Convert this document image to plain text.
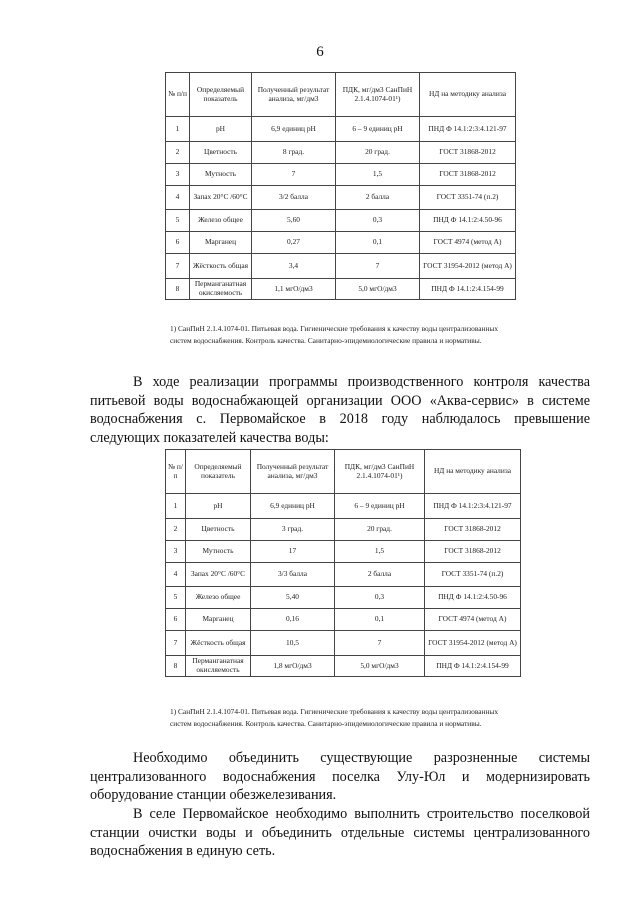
6
№ п/п	Определяемый показатель	Полученный результат анализа, мг/дм3	ПДК, мг/дм3 СанПиН 2.1.4.1074-01¹)	НД на методику анализа
1	pH	6,9 единиц pH	6 – 9 единиц pH	ПНД Ф 14.1:2:3:4.121-97
2	Цветность	8 град.	20 град.	ГОСТ 31868-2012
3	Мутность	7	1,5	ГОСТ 31868-2012
4	Запах 20°С /60°С	3/2 балла	2 балла	ГОСТ 3351-74 (п.2)
5	Железо общее	5,60	0,3	ПНД Ф 14.1:2:4.50-96
6	Марганец	0,27	0,1	ГОСТ 4974 (метод А)
7	Жёсткость общая	3,4	7	ГОСТ 31954-2012 (метод А)
8	Перманганатная окисляемость	1,1 мгО/дм3	5,0 мгО/дм3	ПНД Ф 14.1:2:4.154-99
1) СанПиН 2.1.4.1074-01. Питьевая вода. Гигиенические требования к качеству воды централизованных систем водоснабжения. Контроль качества. Санитарно-эпидемиологические правила и нормативы.

В ходе реализации программы производственного контроля качества питьевой воды водоснабжающей организации ООО «Аква-сервис» в системе водоснабжения с. Первомайское в 2018 году наблюдалось превышение следующих показателей качества воды:

№ п/п	Определяемый показатель	Полученный результат анализа, мг/дм3	ПДК, мг/дм3 СанПиН 2.1.4.1074-01¹)	НД на методику анализа
1	pH	6,9 единиц pH	6 – 9 единиц pH	ПНД Ф 14.1:2:3:4.121-97
2	Цветность	3 град.	20 град.	ГОСТ 31868-2012
3	Мутность	17	1,5	ГОСТ 31868-2012
4	Запах 20°С /60°С	3/3 балла	2 балла	ГОСТ 3351-74 (п.2)
5	Железо общее	5,40	0,3	ПНД Ф 14.1:2:4.50-96
6	Марганец	0,16	0,1	ГОСТ 4974 (метод А)
7	Жёсткость общая	10,5	7	ГОСТ 31954-2012 (метод А)
8	Перманганатная окисляемость	1,8 мгО/дм3	5,0 мгО/дм3	ПНД Ф 14.1:2:4.154-99
1) СанПиН 2.1.4.1074-01. Питьевая вода. Гигиенические требования к качеству воды централизованных систем водоснабжения. Контроль качества. Санитарно-эпидемиологические правила и нормативы.

Необходимо объединить существующие разрозненные системы централизованного водоснабжения поселка Улу-Юл и модернизировать оборудование станции обезжелезивания.

В селе Первомайское необходимо выполнить строительство поселковой станции очистки воды и объединить отдельные системы централизованного водоснабжения в единую сеть.
